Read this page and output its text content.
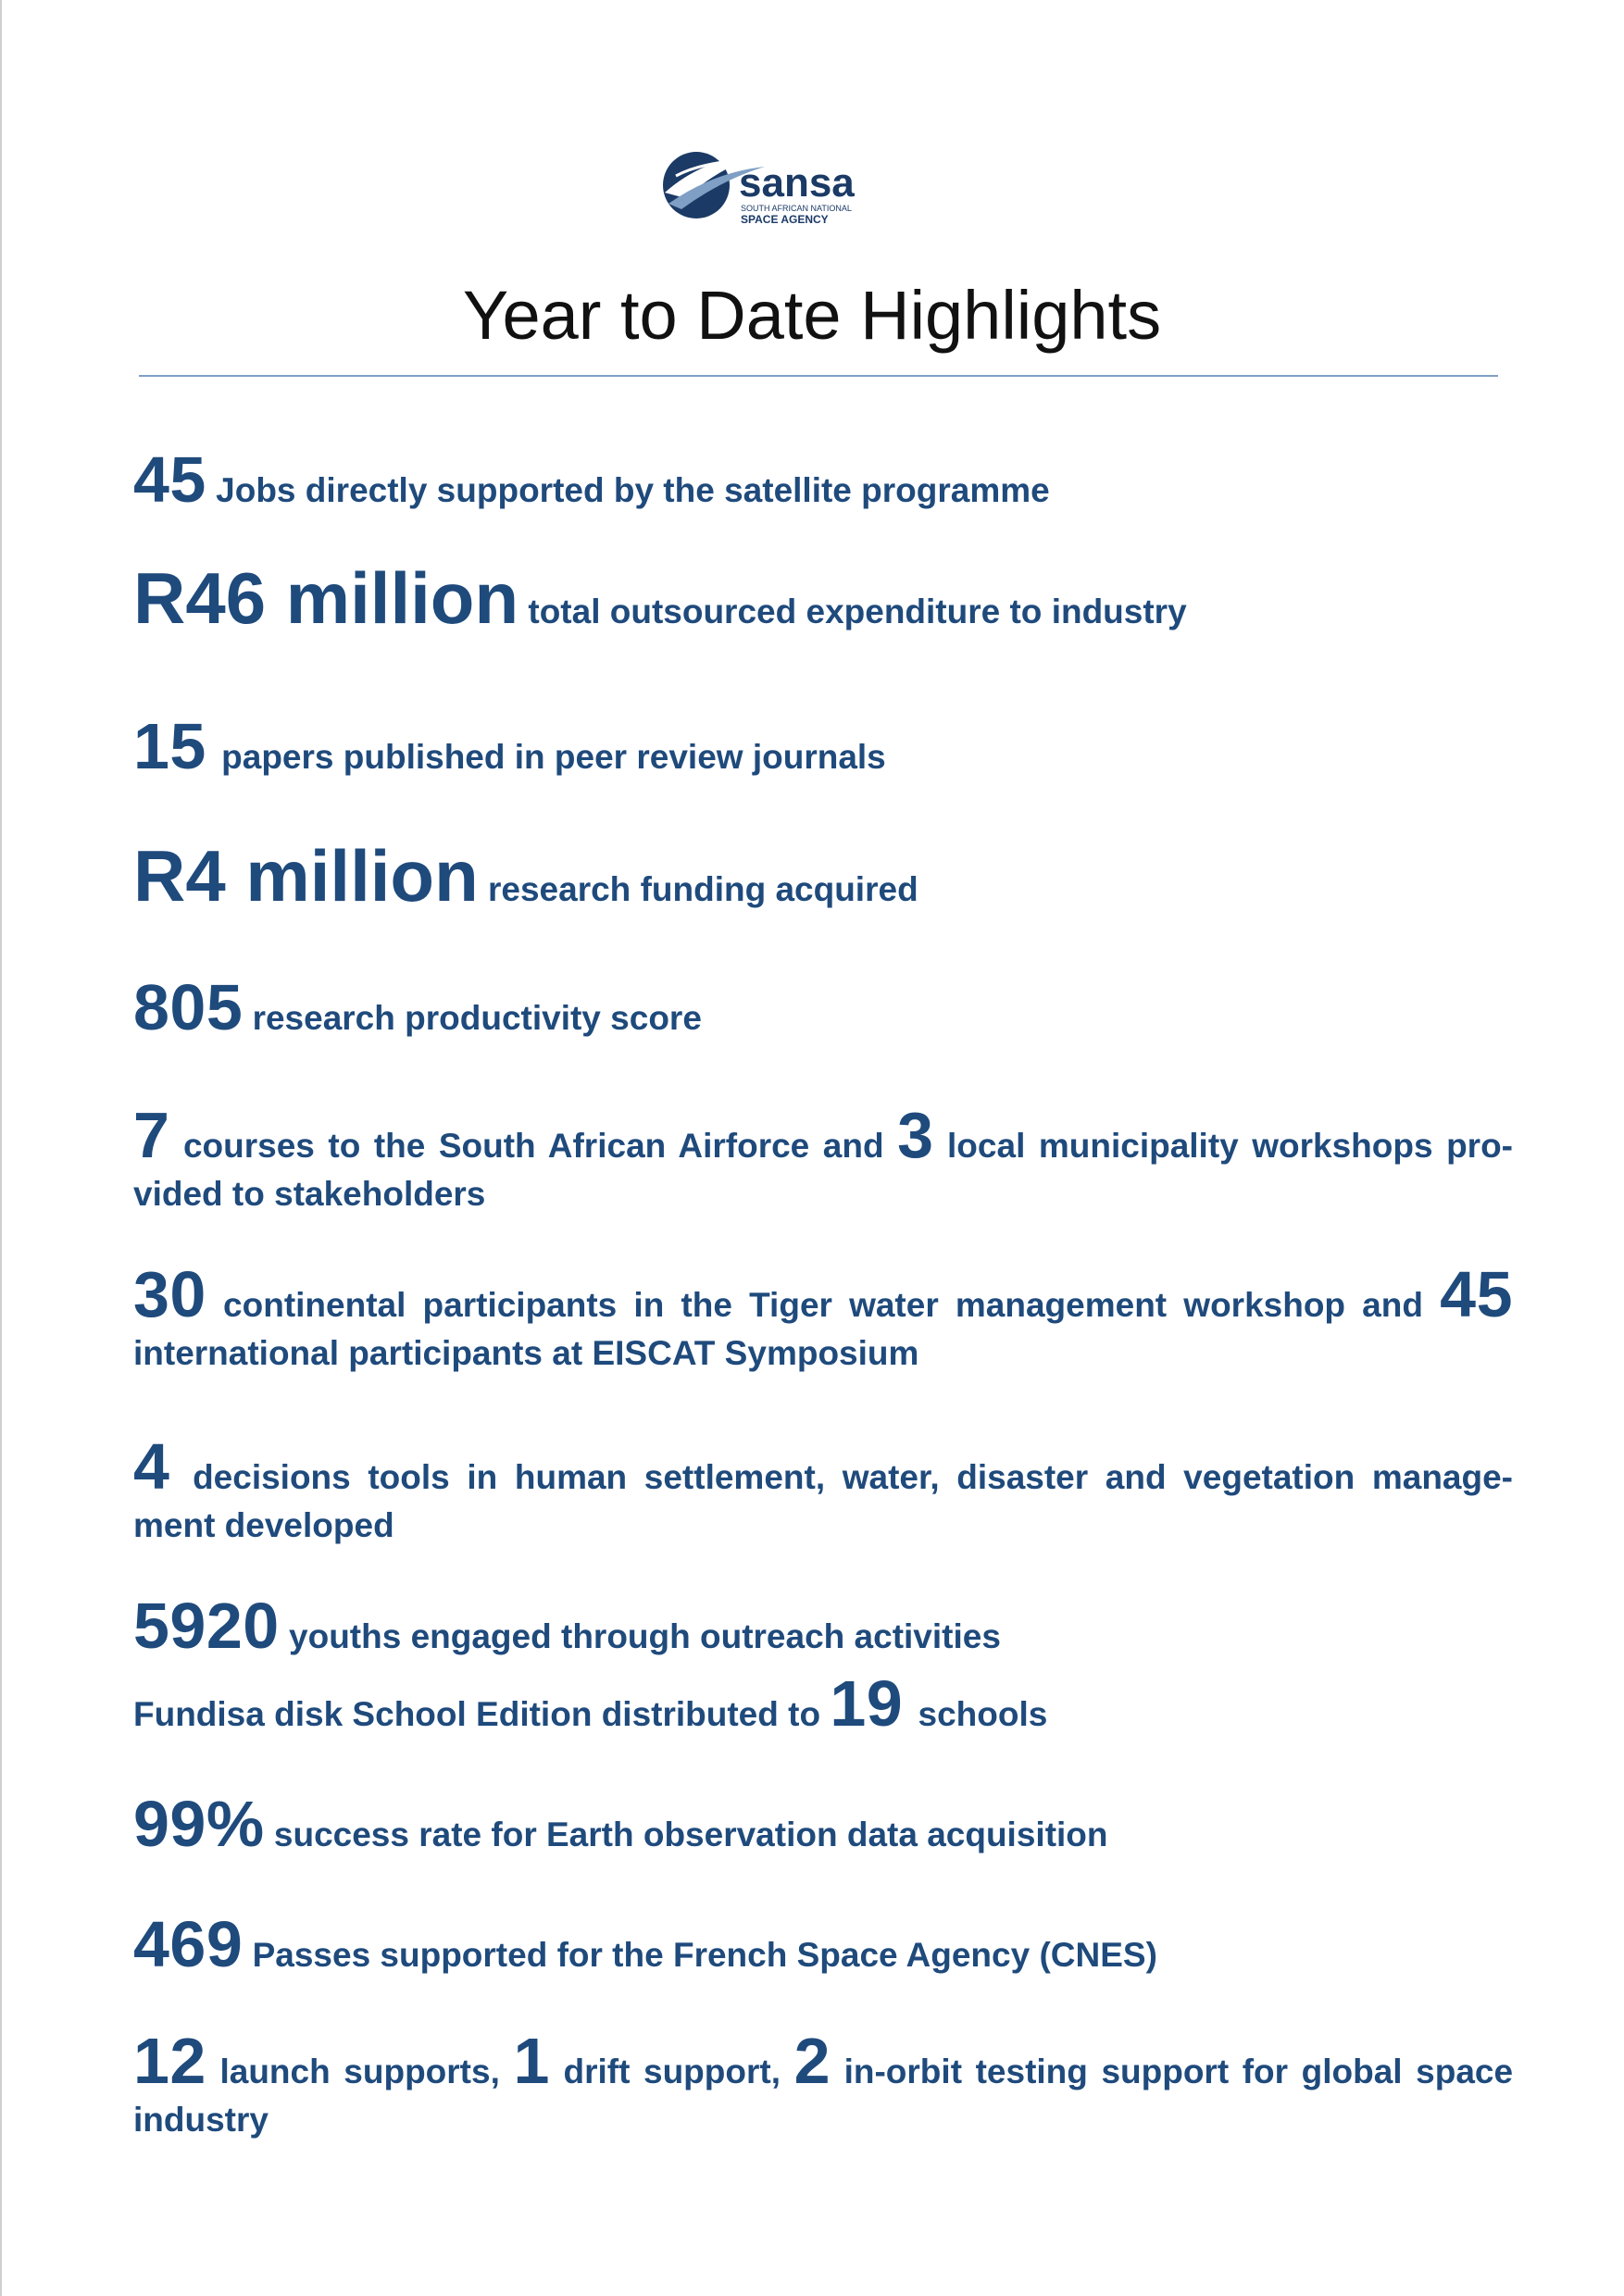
sansa
SOUTH AFRICAN NATIONAL
SPACE AGENCY
Year to Date Highlights

45 Jobs directly supported by the satellite programme

R46 million total outsourced expenditure to industry

15 papers published in peer review journals

R4 million research funding acquired

805 research productivity score

7 courses to the South African Airforce and 3 local municipality workshops pro-vided to stakeholders

30 continental participants in the Tiger water management workshop and 45 international participants at EISCAT Symposium

4 decisions tools in human settlement, water, disaster and vegetation manage-ment developed

5920 youths engaged through outreach activities

Fundisa disk School Edition distributed to 19 schools

99% success rate for Earth observation data acquisition

469 Passes supported for the French Space Agency (CNES)

12 launch supports, 1 drift support, 2 in-orbit testing support for global space industry
